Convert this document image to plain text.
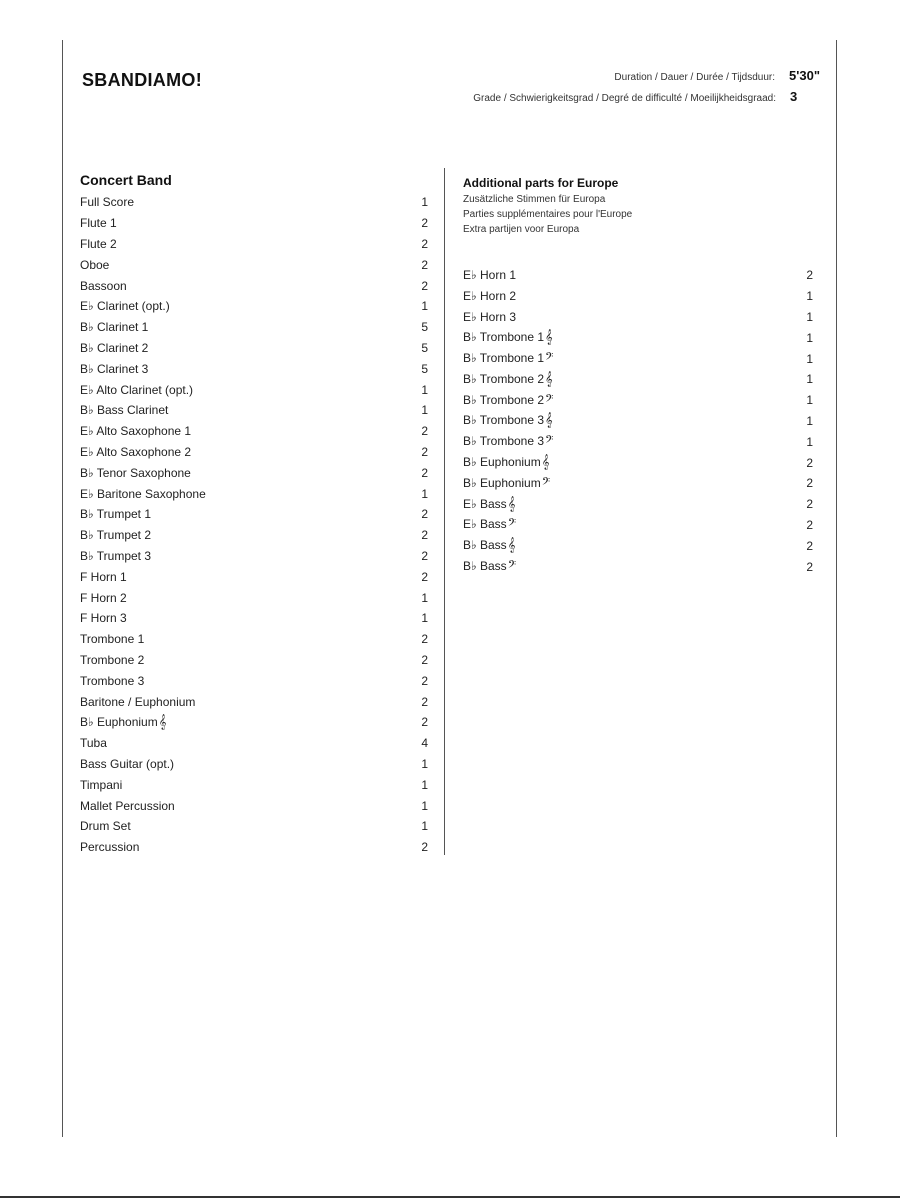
SBANDIAMO!	Duration / Dauer / Durée / Tijdsduur: 5'30"
Grade / Schwierigkeitsgrad / Degré de difficulté / Moeilijkheidsgraad: 3
Concert Band
Full Score	1
Flute 1	2
Flute 2	2
Oboe	2
Bassoon	2
E♭ Clarinet (opt.)	1
B♭ Clarinet 1	5
B♭ Clarinet 2	5
B♭ Clarinet 3	5
E♭ Alto Clarinet (opt.)	1
B♭ Bass Clarinet	1
E♭ Alto Saxophone 1	2
E♭ Alto Saxophone 2	2
B♭ Tenor Saxophone	2
E♭ Baritone Saxophone	1
B♭ Trumpet 1	2
B♭ Trumpet 2	2
B♭ Trumpet 3	2
F Horn 1	2
F Horn 2	1
F Horn 3	1
Trombone 1	2
Trombone 2	2
Trombone 3	2
Baritone / Euphonium	2
B♭ Euphonium𝄞	2
Tuba	4
Bass Guitar (opt.)	1
Timpani	1
Mallet Percussion	1
Drum Set	1
Percussion	2
Additional parts for Europe
Zusätzliche Stimmen für Europa
Parties supplémentaires pour l'Europe
Extra partijen voor Europa
E♭ Horn 1	2
E♭ Horn 2	1
E♭ Horn 3	1
B♭ Trombone 1𝄞	1
B♭ Trombone 1𝄢	1
B♭ Trombone 2𝄞	1
B♭ Trombone 2𝄢	1
B♭ Trombone 3𝄞	1
B♭ Trombone 3𝄢	1
B♭ Euphonium𝄞	2
B♭ Euphonium𝄢	2
E♭ Bass𝄞	2
E♭ Bass𝄢	2
B♭ Bass𝄞	2
B♭ Bass𝄢	2
